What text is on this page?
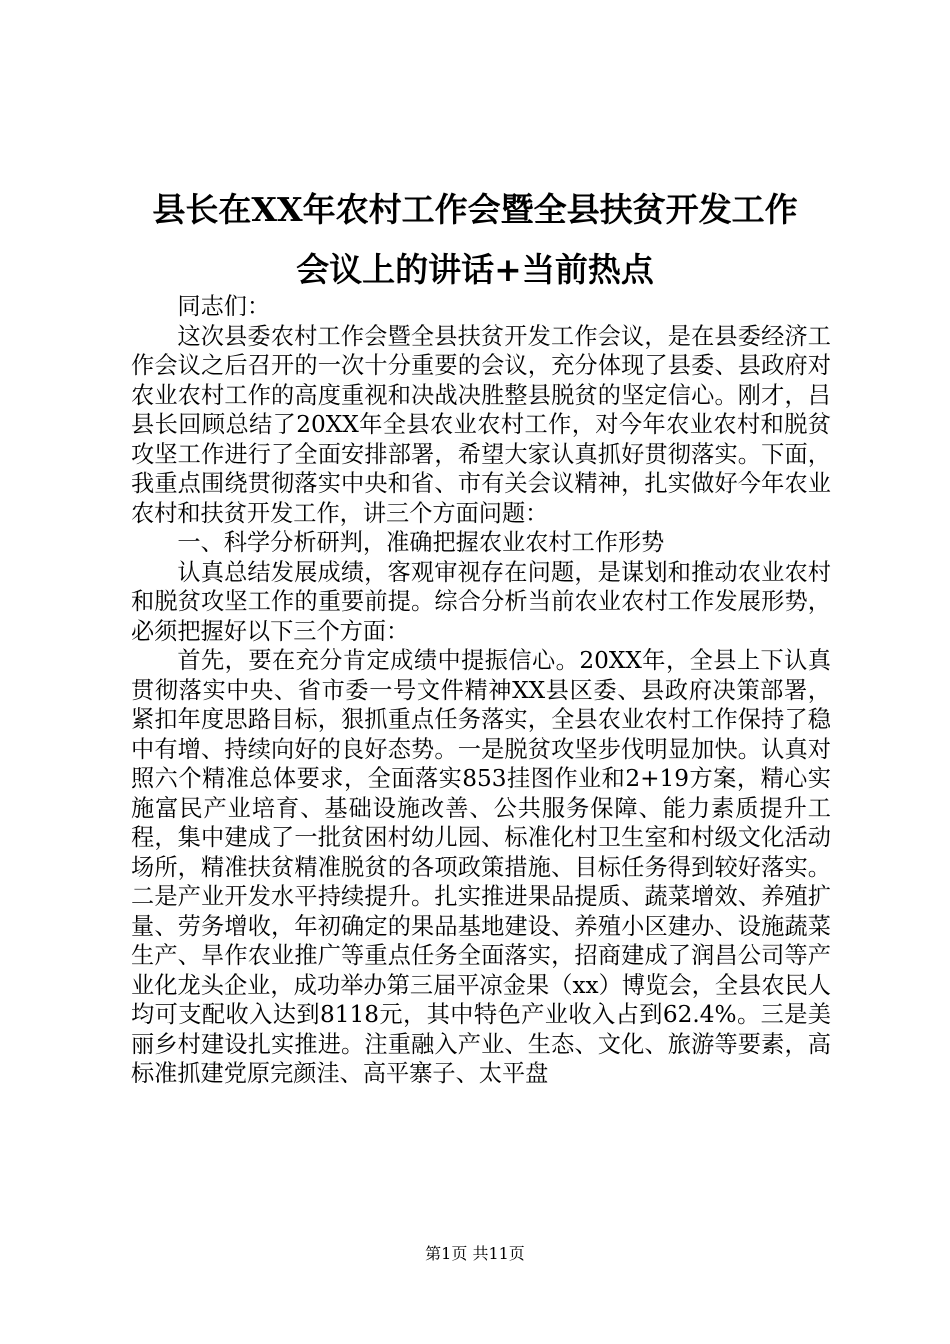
县长在XX年农村工作会暨全县扶贫开发工作
会议上的讲话+当前热点

同志们：

这次县委农村工作会暨全县扶贫开发工作会议，是在县委经济工作会议之后召开的一次十分重要的会议，充分体现了县委、县政府对农业农村工作的高度重视和决战决胜整县脱贫的坚定信心。刚才，吕县长回顾总结了20XX年全县农业农村工作，对今年农业农村和脱贫攻坚工作进行了全面安排部署，希望大家认真抓好贯彻落实。下面，我重点围绕贯彻落实中央和省、市有关会议精神，扎实做好今年农业农村和扶贫开发工作，讲三个方面问题：

一、科学分析研判，准确把握农业农村工作形势

认真总结发展成绩，客观审视存在问题，是谋划和推动农业农村和脱贫攻坚工作的重要前提。综合分析当前农业农村工作发展形势，必须把握好以下三个方面：

首先，要在充分肯定成绩中提振信心。20XX年，全县上下认真贯彻落实中央、省市委一号文件精神XX县区委、县政府决策部署，紧扣年度思路目标，狠抓重点任务落实，全县农业农村工作保持了稳中有增、持续向好的良好态势。一是脱贫攻坚步伐明显加快。认真对照六个精准总体要求，全面落实853挂图作业和2+19方案，精心实施富民产业培育、基础设施改善、公共服务保障、能力素质提升工程，集中建成了一批贫困村幼儿园、标准化村卫生室和村级文化活动场所，精准扶贫精准脱贫的各项政策措施、目标任务得到较好落实。二是产业开发水平持续提升。扎实推进果品提质、蔬菜增效、养殖扩量、劳务增收，年初确定的果品基地建设、养殖小区建办、设施蔬菜生产、旱作农业推广等重点任务全面落实，招商建成了润昌公司等产业化龙头企业，成功举办第三届平凉金果（xx）博览会，全县农民人均可支配收入达到8118元，其中特色产业收入占到62.4%。三是美丽乡村建设扎实推进。注重融入产业、生态、文化、旅游等要素，高标准抓建党原完颜洼、高平寨子、太平盘

第1页 共11页
